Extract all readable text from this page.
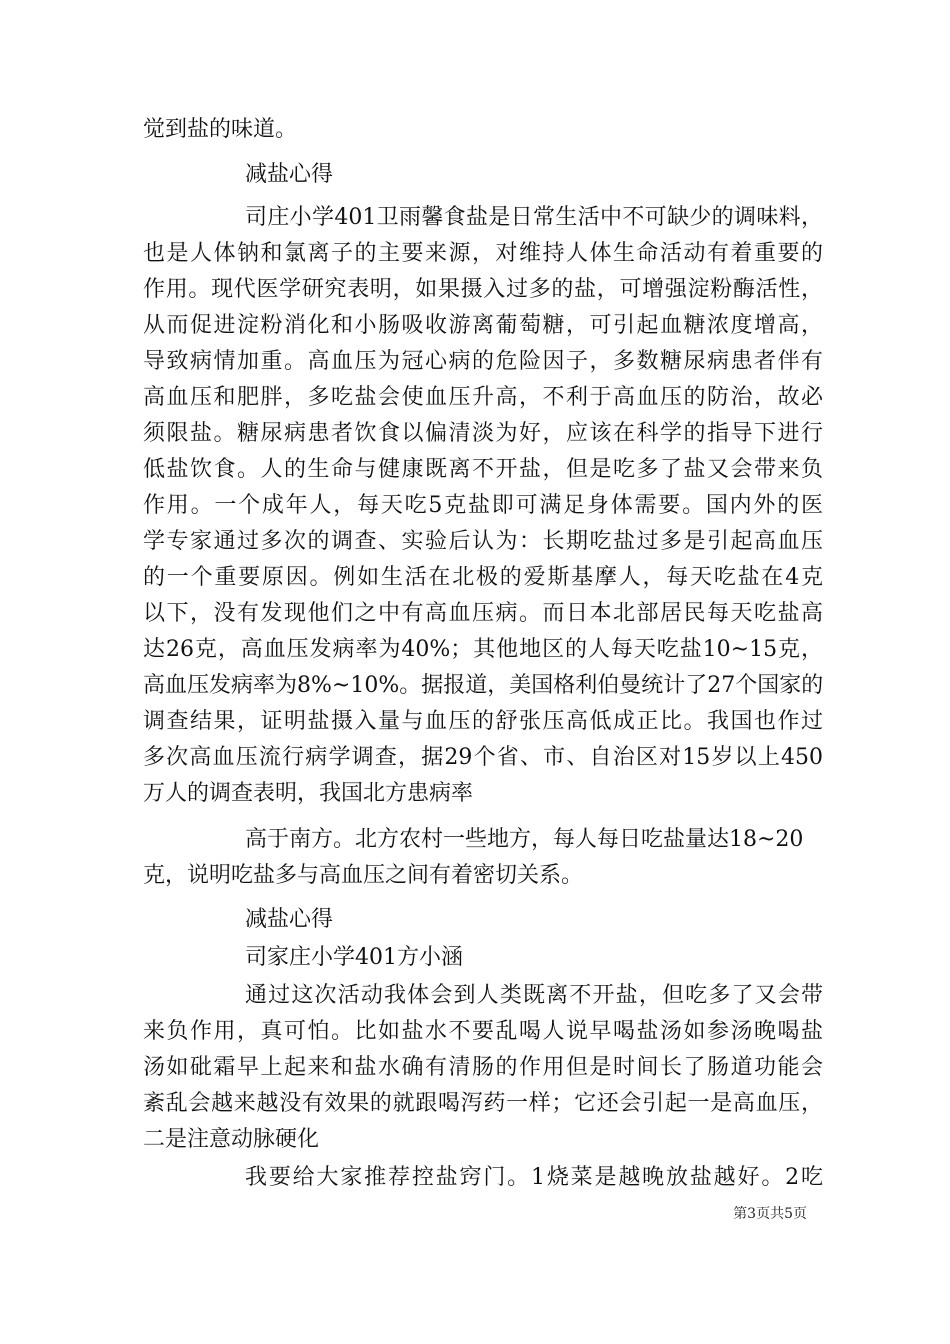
觉到盐的味道。
减盐心得
司庄小学401卫雨馨食盐是日常生活中不可缺少的调味料，
也是人体钠和氯离子的主要来源，对维持人体生命活动有着重要的
作用。现代医学研究表明，如果摄入过多的盐，可增强淀粉酶活性，
从而促进淀粉消化和小肠吸收游离葡萄糖，可引起血糖浓度增高，
导致病情加重。高血压为冠心病的危险因子，多数糖尿病患者伴有
高血压和肥胖，多吃盐会使血压升高，不利于高血压的防治，故必
须限盐。糖尿病患者饮食以偏清淡为好，应该在科学的指导下进行
低盐饮食。人的生命与健康既离不开盐，但是吃多了盐又会带来负
作用。一个成年人，每天吃5克盐即可满足身体需要。国内外的医
学专家通过多次的调查、实验后认为：长期吃盐过多是引起高血压
的一个重要原因。例如生活在北极的爱斯基摩人，每天吃盐在4克
以下，没有发现他们之中有高血压病。而日本北部居民每天吃盐高
达26克，高血压发病率为40%；其他地区的人每天吃盐10~15克，
高血压发病率为8%~10%。据报道，美国格利伯曼统计了27个国家的
调查结果，证明盐摄入量与血压的舒张压高低成正比。我国也作过
多次高血压流行病学调查，据29个省、市、自治区对15岁以上450
万人的调查表明，我国北方患病率
高于南方。北方农村一些地方，每人每日吃盐量达18~20
克，说明吃盐多与高血压之间有着密切关系。
减盐心得
司家庄小学401方小涵
通过这次活动我体会到人类既离不开盐，但吃多了又会带
来负作用，真可怕。比如盐水不要乱喝人说早喝盐汤如参汤晚喝盐
汤如砒霜早上起来和盐水确有清肠的作用但是时间长了肠道功能会
紊乱会越来越没有效果的就跟喝泻药一样；它还会引起一是高血压，
二是注意动脉硬化
我要给大家推荐控盐窍门。1烧菜是越晚放盐越好。2吃
第3页共5页
